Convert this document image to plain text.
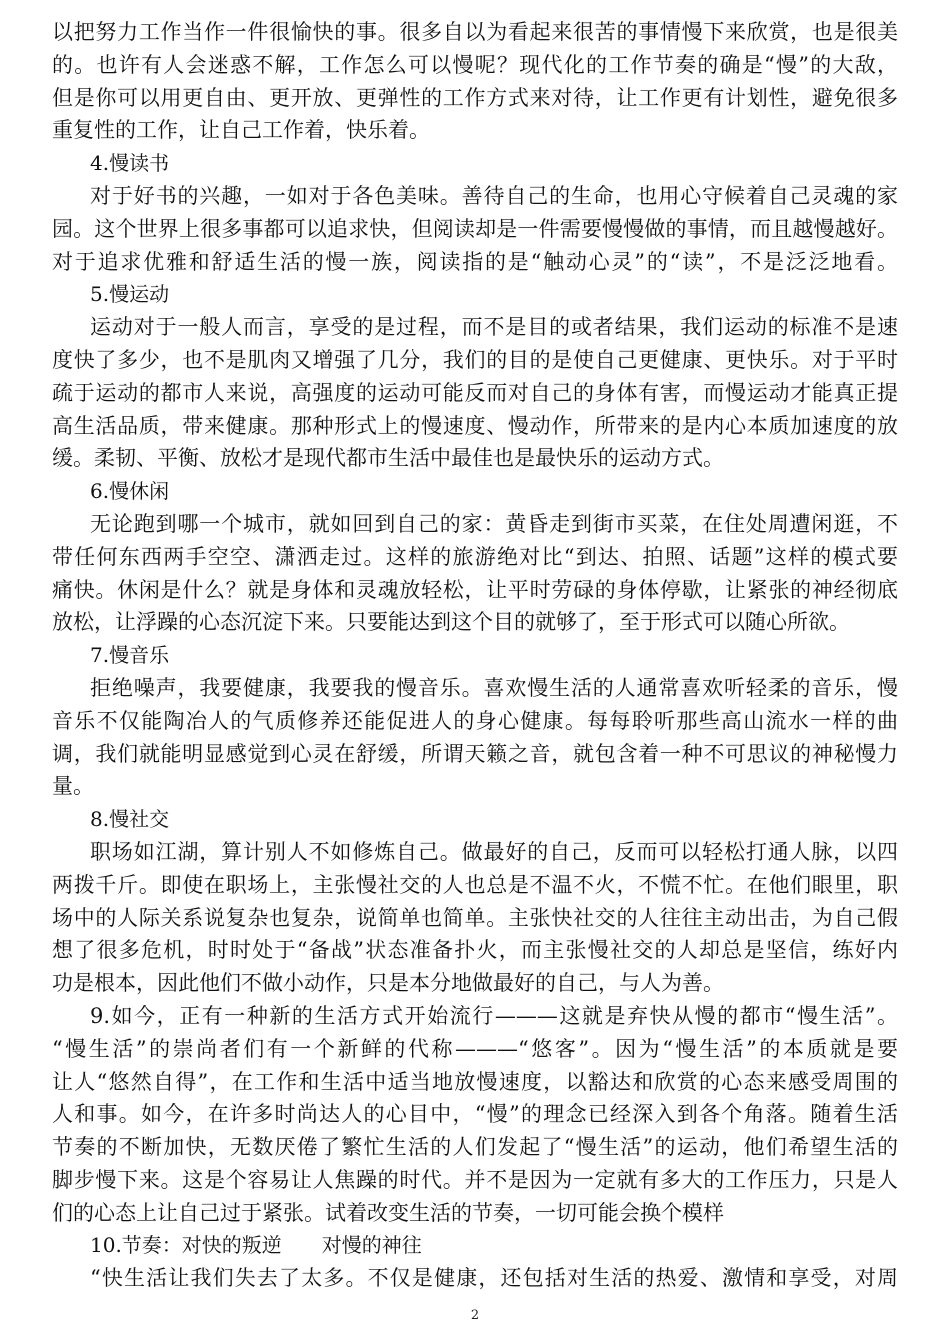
以把努力工作当作一件很愉快的事。很多自以为看起来很苦的事情慢下来欣赏，也是很美
的。也许有人会迷惑不解，工作怎么可以慢呢？现代化的工作节奏的确是“慢”的大敌，
但是你可以用更自由、更开放、更弹性的工作方式来对待，让工作更有计划性，避免很多
重复性的工作，让自己工作着，快乐着。
4.慢读书
对于好书的兴趣，一如对于各色美味。善待自己的生命，也用心守候着自己灵魂的家
园。这个世界上很多事都可以追求快，但阅读却是一件需要慢慢做的事情，而且越慢越好。
对于追求优雅和舒适生活的慢一族，阅读指的是“触动心灵”的“读”，不是泛泛地看。
5.慢运动
运动对于一般人而言，享受的是过程，而不是目的或者结果，我们运动的标准不是速
度快了多少，也不是肌肉又增强了几分，我们的目的是使自己更健康、更快乐。对于平时
疏于运动的都市人来说，高强度的运动可能反而对自己的身体有害，而慢运动才能真正提
高生活品质，带来健康。那种形式上的慢速度、慢动作，所带来的是内心本质加速度的放
缓。柔韧、平衡、放松才是现代都市生活中最佳也是最快乐的运动方式。
6.慢休闲
无论跑到哪一个城市，就如回到自己的家：黄昏走到街市买菜，在住处周遭闲逛，不
带任何东西两手空空、潇洒走过。这样的旅游绝对比“到达、拍照、话题”这样的模式要
痛快。休闲是什么？就是身体和灵魂放轻松，让平时劳碌的身体停歇，让紧张的神经彻底
放松，让浮躁的心态沉淀下来。只要能达到这个目的就够了，至于形式可以随心所欲。
7.慢音乐
拒绝噪声，我要健康，我要我的慢音乐。喜欢慢生活的人通常喜欢听轻柔的音乐，慢
音乐不仅能陶冶人的气质修养还能促进人的身心健康。每每聆听那些高山流水一样的曲
调，我们就能明显感觉到心灵在舒缓，所谓天籁之音，就包含着一种不可思议的神秘慢力
量。
8.慢社交
职场如江湖，算计别人不如修炼自己。做最好的自己，反而可以轻松打通人脉，以四
两拨千斤。即使在职场上，主张慢社交的人也总是不温不火，不慌不忙。在他们眼里，职
场中的人际关系说复杂也复杂，说简单也简单。主张快社交的人往往主动出击，为自己假
想了很多危机，时时处于“备战”状态准备扑火，而主张慢社交的人却总是坚信，练好内
功是根本，因此他们不做小动作，只是本分地做最好的自己，与人为善。
9.如今，正有一种新的生活方式开始流行———这就是弃快从慢的都市“慢生活”。
“慢生活”的崇尚者们有一个新鲜的代称———“悠客”。因为“慢生活”的本质就是要
让人“悠然自得”，在工作和生活中适当地放慢速度，以豁达和欣赏的心态来感受周围的
人和事。如今，在许多时尚达人的心目中，“慢”的理念已经深入到各个角落。随着生活
节奏的不断加快，无数厌倦了繁忙生活的人们发起了“慢生活”的运动，他们希望生活的
脚步慢下来。这是个容易让人焦躁的时代。并不是因为一定就有多大的工作压力，只是人
们的心态上让自己过于紧张。试着改变生活的节奏，一切可能会换个模样
10.节奏：对快的叛逆　　对慢的神往
“快生活让我们失去了太多。不仅是健康，还包括对生活的热爱、激情和享受，对周
2
